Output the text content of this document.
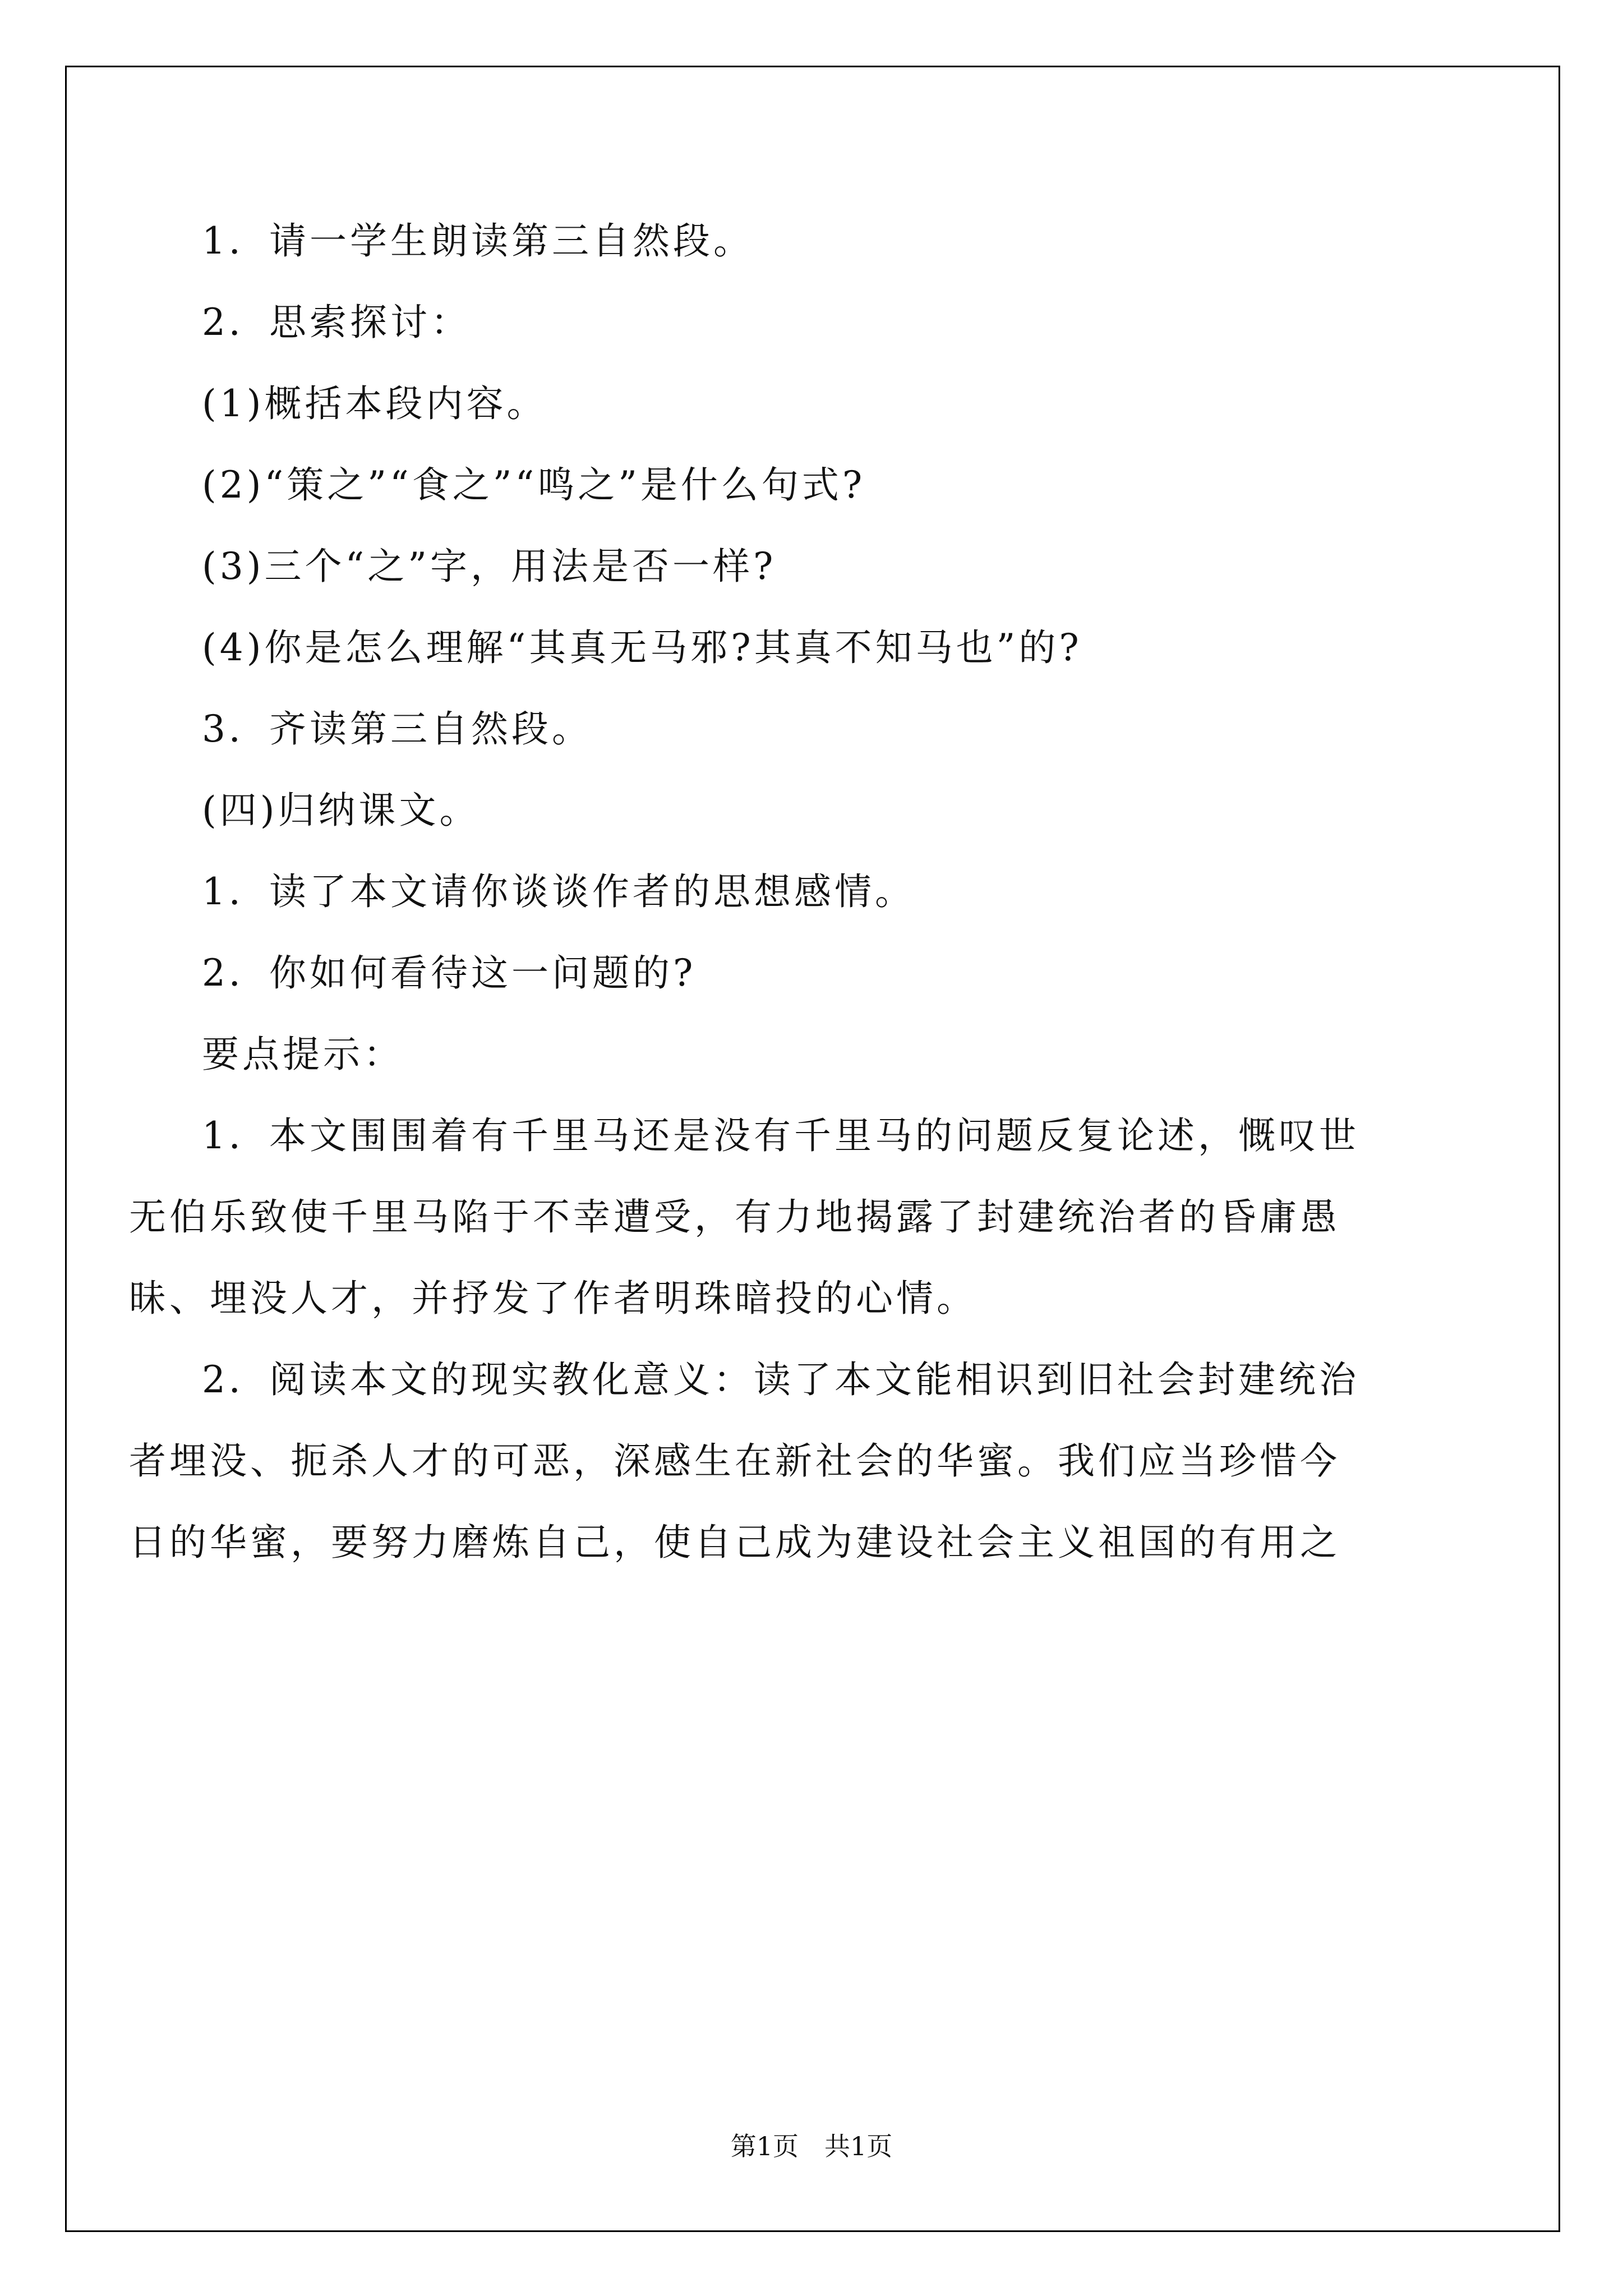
1．请一学生朗读第三自然段。
2．思索探讨：
(1)概括本段内容。
(2)“策之”“食之”“鸣之”是什么句式?
(3)三个“之”字，用法是否一样?
(4)你是怎么理解“其真无马邪?其真不知马也”的?
3．齐读第三自然段。
(四)归纳课文。
1．读了本文请你谈谈作者的思想感情。
2．你如何看待这一问题的?
要点提示：
1．本文围围着有千里马还是没有千里马的问题反复论述，慨叹世
无伯乐致使千里马陷于不幸遭受，有力地揭露了封建统治者的昏庸愚
昧、埋没人才，并抒发了作者明珠暗投的心情。
2．阅读本文的现实教化意义：读了本文能相识到旧社会封建统治
者埋没、扼杀人才的可恶，深感生在新社会的华蜜。我们应当珍惜今
日的华蜜，要努力磨炼自己，使自己成为建设社会主义祖国的有用之
第1页　共1页
